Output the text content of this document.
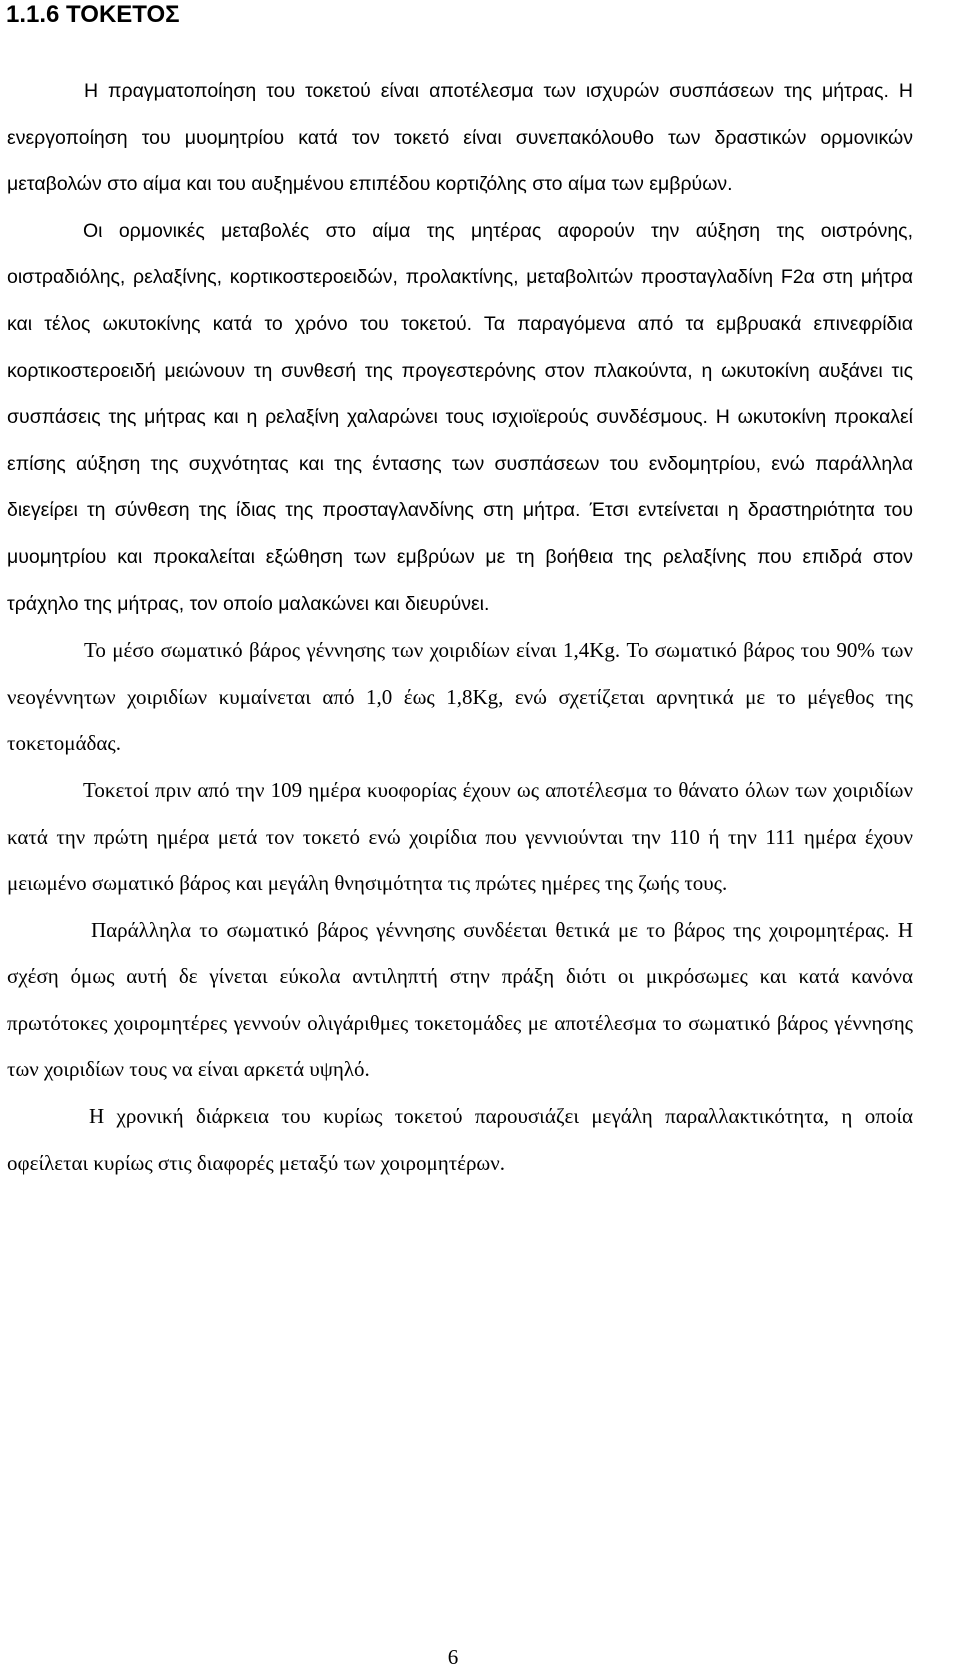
1.1.6 ΤΟΚΕΤΟΣ

Η πραγματοποίηση του τοκετού είναι αποτέλεσμα των ισχυρών συσπάσεων της μήτρας. Η ενεργοποίηση του μυομητρίου κατά τον τοκετό είναι συνεπακόλουθο των δραστικών ορμονικών μεταβολών στο αίμα και του αυξημένου επιπέδου κορτιζόλης στο αίμα των εμβρύων.

Οι ορμονικές μεταβολές στο αίμα της μητέρας αφορούν την αύξηση της οιστρόνης, οιστραδιόλης, ρελαξίνης, κορτικοστεροειδών, προλακτίνης, μεταβολιτών προσταγλαδίνη F2α στη μήτρα και τέλος ωκυτοκίνης κατά το χρόνο του τοκετού. Τα παραγόμενα από τα εμβρυακά επινεφρίδια κορτικοστεροειδή μειώνουν τη συνθεσή της προγεστερόνης στον πλακούντα, η ωκυτοκίνη αυξάνει τις συσπάσεις της μήτρας και η ρελαξίνη χαλαρώνει τους ισχιοϊερούς συνδέσμους. Η ωκυτοκίνη προκαλεί επίσης αύξηση της συχνότητας και της έντασης των συσπάσεων του ενδομητρίου, ενώ παράλληλα διεγείρει τη σύνθεση της ίδιας της προσταγλανδίνης στη μήτρα. Έτσι εντείνεται η δραστηριότητα του μυομητρίου και προκαλείται εξώθηση των εμβρύων με τη βοήθεια της ρελαξίνης που επιδρά στον τράχηλο της μήτρας, τον οποίο μαλακώνει και διευρύνει.

Το μέσο σωματικό βάρος γέννησης των χοιριδίων είναι 1,4Kg. Το σωματικό βάρος του 90% των νεογέννητων χοιριδίων κυμαίνεται από 1,0 έως 1,8Kg, ενώ σχετίζεται αρνητικά με το μέγεθος της τοκετομάδας.

Τοκετοί πριν από την 109 ημέρα κυοφορίας έχουν ως αποτέλεσμα το θάνατο όλων των χοιριδίων κατά την πρώτη ημέρα μετά τον τοκετό ενώ χοιρίδια που γεννιούνται την 110 ή την 111 ημέρα έχουν μειωμένο σωματικό βάρος και μεγάλη θνησιμότητα τις πρώτες ημέρες της ζωής τους.

Παράλληλα το σωματικό βάρος γέννησης συνδέεται θετικά με το βάρος της χοιρομητέρας. Η σχέση όμως αυτή δε γίνεται εύκολα αντιληπτή στην πράξη διότι οι μικρόσωμες και κατά κανόνα πρωτότοκες χοιρομητέρες γεννούν ολιγάριθμες τοκετομάδες με αποτέλεσμα το σωματικό βάρος γέννησης των χοιριδίων τους να είναι αρκετά υψηλό.

Η χρονική διάρκεια του κυρίως τοκετού παρουσιάζει μεγάλη παραλλακτικότητα, η οποία οφείλεται κυρίως στις διαφορές μεταξύ των χοιρομητέρων.

6
